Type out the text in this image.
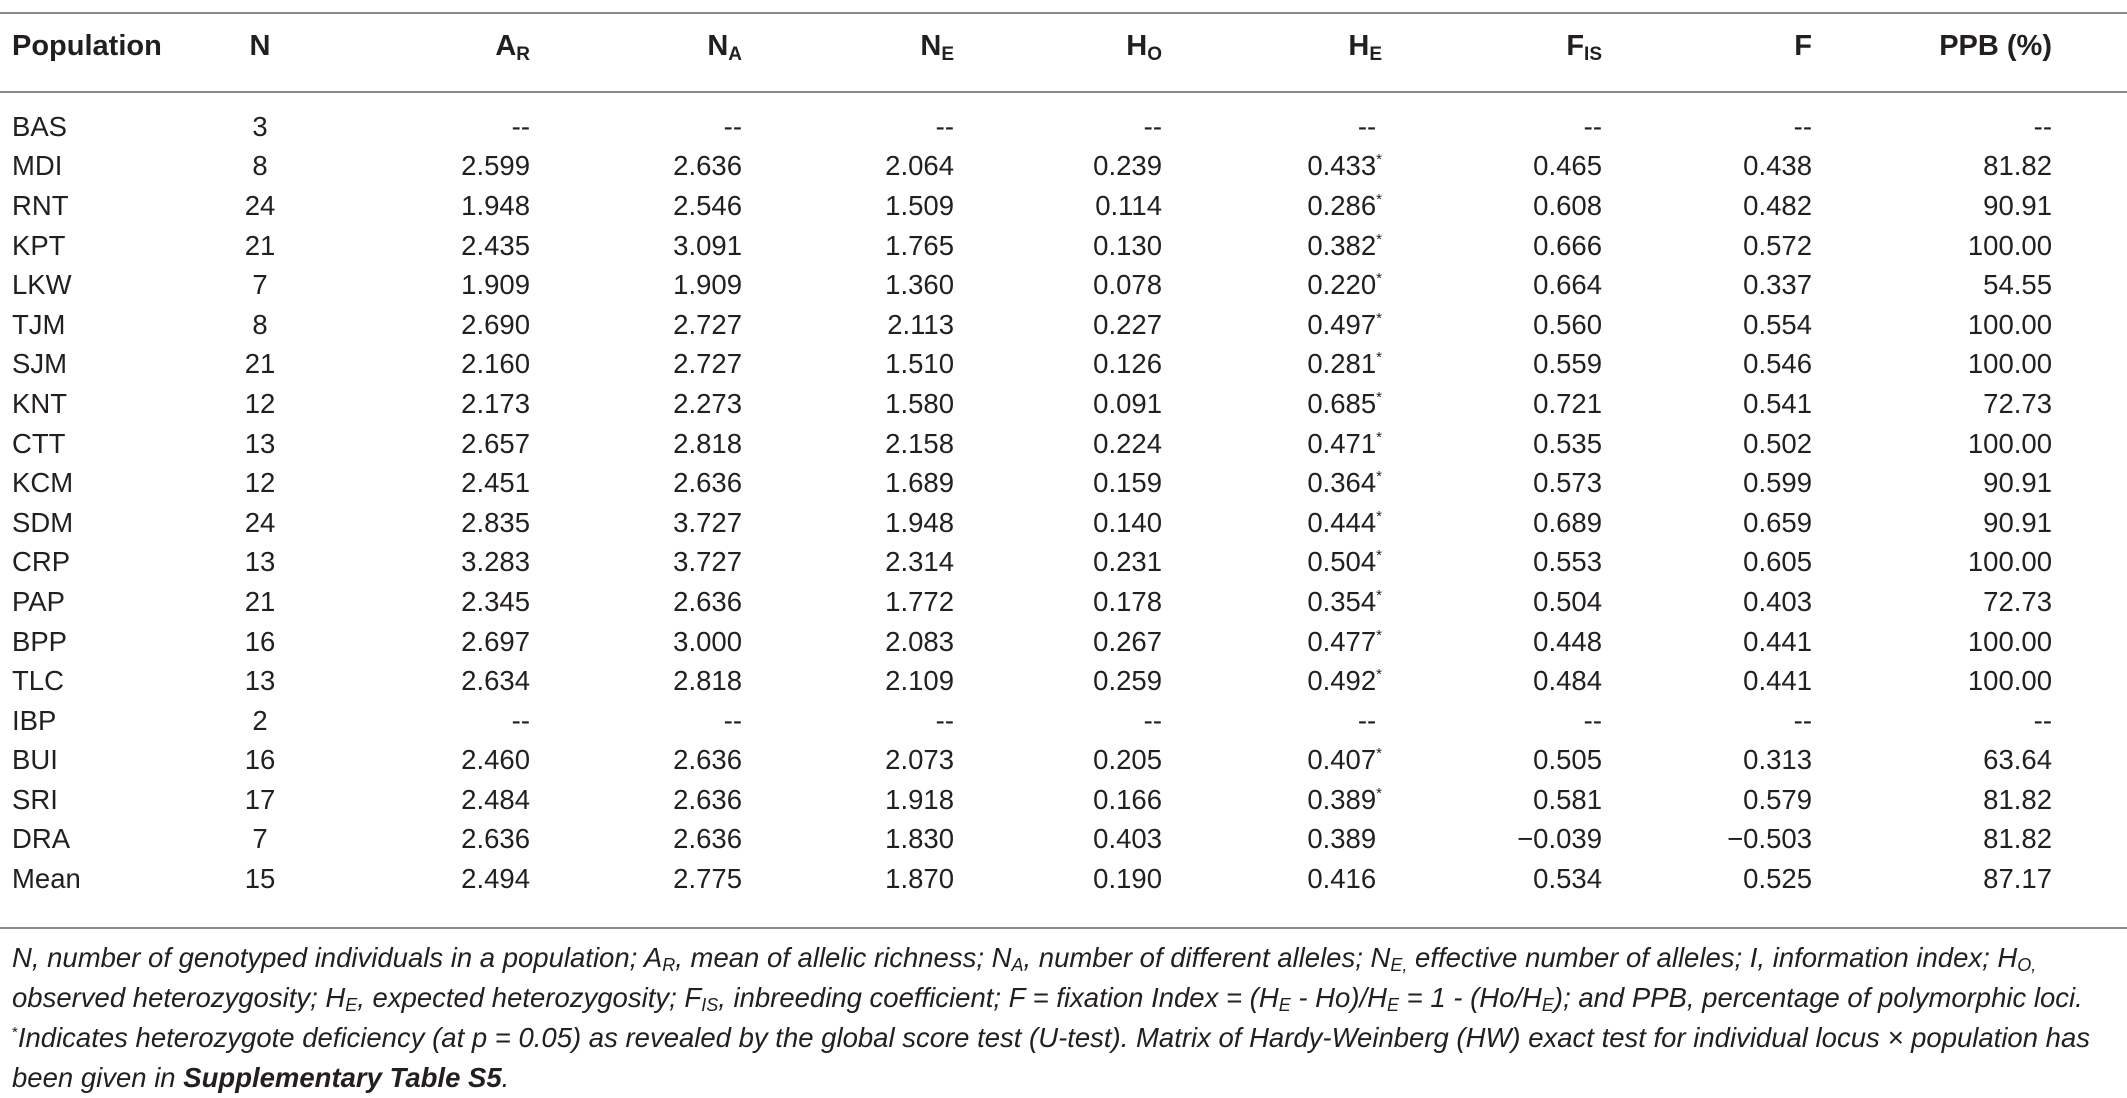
Population	N	$A_R$	$N_A$	$N_E$	$H_O$	$H_E$	$F_{IS}$	F	PPB (%)	
BAS	3	--	--	--	--	--	--	--	--	
MDI	8	2.599	2.636	2.064	0.239	0.433*	0.465	0.438	81.82	
RNT	24	1.948	2.546	1.509	0.114	0.286*	0.608	0.482	90.91	
KPT	21	2.435	3.091	1.765	0.130	0.382*	0.666	0.572	100.00	
LKW	7	1.909	1.909	1.360	0.078	0.220*	0.664	0.337	54.55	
TJM	8	2.690	2.727	2.113	0.227	0.497*	0.560	0.554	100.00	
SJM	21	2.160	2.727	1.510	0.126	0.281*	0.559	0.546	100.00	
KNT	12	2.173	2.273	1.580	0.091	0.685*	0.721	0.541	72.73	
CTT	13	2.657	2.818	2.158	0.224	0.471*	0.535	0.502	100.00	
KCM	12	2.451	2.636	1.689	0.159	0.364*	0.573	0.599	90.91	
SDM	24	2.835	3.727	1.948	0.140	0.444*	0.689	0.659	90.91	
CRP	13	3.283	3.727	2.314	0.231	0.504*	0.553	0.605	100.00	
PAP	21	2.345	2.636	1.772	0.178	0.354*	0.504	0.403	72.73	
BPP	16	2.697	3.000	2.083	0.267	0.477*	0.448	0.441	100.00	
TLC	13	2.634	2.818	2.109	0.259	0.492*	0.484	0.441	100.00	
IBP	2	--	--	--	--	--	--	--	--	
BUI	16	2.460	2.636	2.073	0.205	0.407*	0.505	0.313	63.64	
SRI	17	2.484	2.636	1.918	0.166	0.389*	0.581	0.579	81.82	
DRA	7	2.636	2.636	1.830	0.403	0.389	−0.039	−0.503	81.82	
Mean	15	2.494	2.775	1.870	0.190	0.416	0.534	0.525	87.17	
N, number of genotyped individuals in a population; $A_R$, mean of allelic richness; $N_A$, number of different alleles; $N_{E,}$ effective number of alleles; I, information index; $H_{O,}$ observed heterozygosity; $H_E$, expected heterozygosity; $F_{IS}$, inbreeding coefficient; F = fixation Index = $(H_E - Ho)/H_E = 1 - (Ho/H_E)$; and PPB, percentage of polymorphic loci. *Indicates heterozygote deficiency (at p = 0.05) as revealed by the global score test (U-test). Matrix of Hardy-Weinberg (HW) exact test for individual locus × population has been given in Supplementary Table S5.
